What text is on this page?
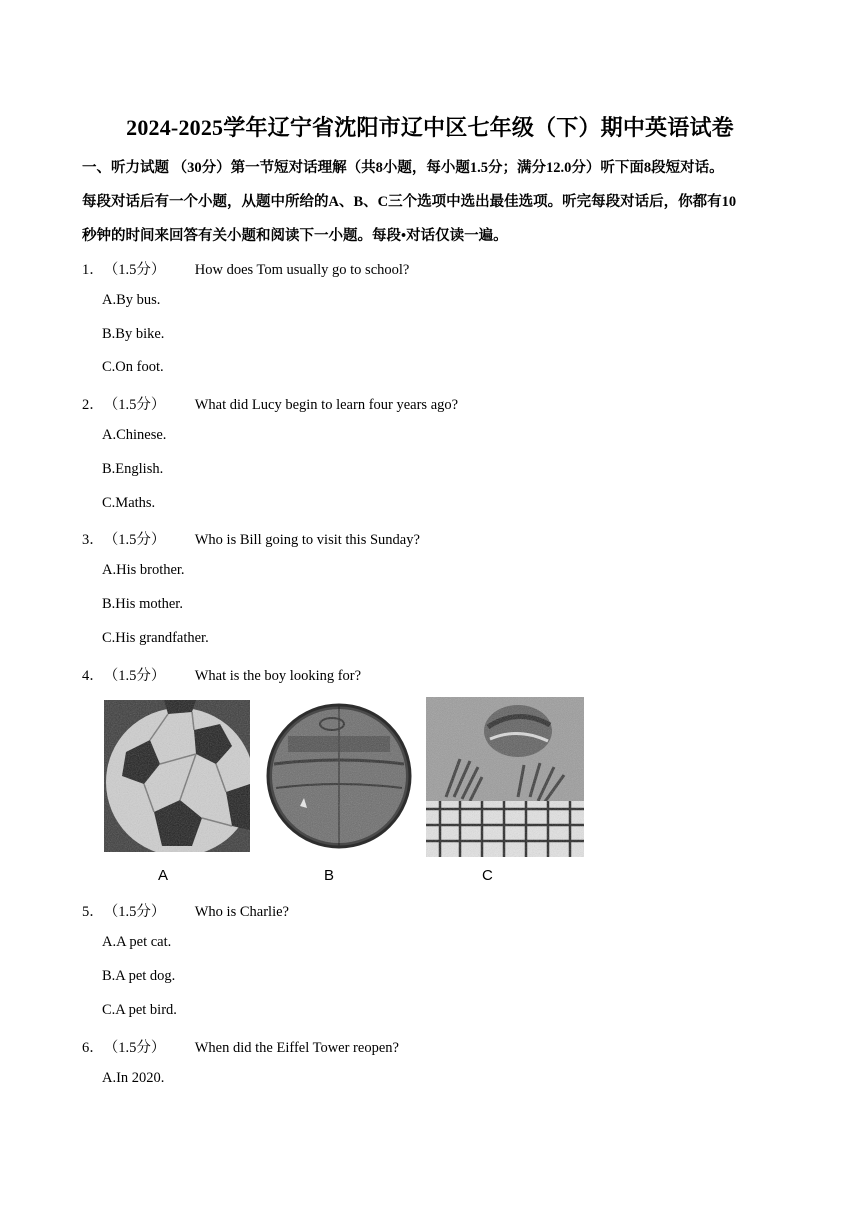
2024-2025学年辽宁省沈阳市辽中区七年级（下）期中英语试卷
一、听力试题 （30分）第一节短对话理解（共8小题，每小题1.5分；满分12.0分）听下面8段短对话。
每段对话后有一个小题，从题中所给的A、B、C三个选项中选出最佳选项。听完每段对话后，你都有10
秒钟的时间来回答有关小题和阅读下一小题。每段•对话仅读一遍。
1．（1.5分） How does Tom usually go to school?
A.By bus.
B.By bike.
C.On foot.
2．（1.5分） What did Lucy begin to learn four years ago?
A.Chinese.
B.English.
C.Maths.
3．（1.5分） Who is Bill going to visit this Sunday?
A.His brother.
B.His mother.
C.His grandfather.
4．（1.5分） What is the boy looking for?
A	B	C
5．（1.5分） Who is Charlie?
A.A pet cat.
B.A pet dog.
C.A pet bird.
6．（1.5分） When did the Eiffel Tower reopen?
A.In 2020.
